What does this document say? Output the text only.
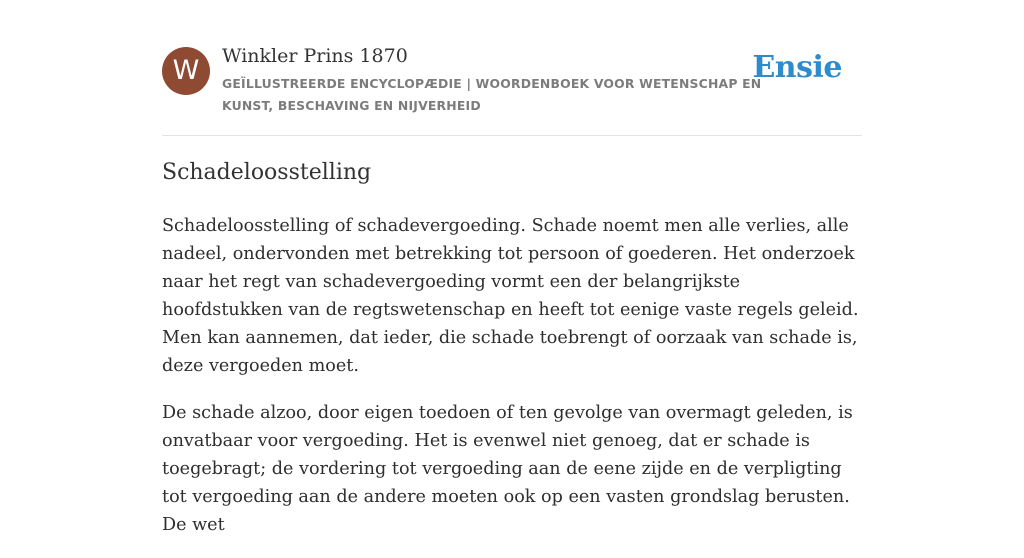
W	Winkler Prins 1870
GEÏLLUSTREERDE ENCYCLOPÆDIE | WOORDENBOEK VOOR WETENSCHAP EN KUNST, BESCHAVING EN NIJVERHEID
Ensie
Schadeloosstelling

Schadeloosstelling of schadevergoeding. Schade noemt men alle verlies, alle nadeel, ondervonden met betrekking tot persoon of goederen. Het onderzoek naar het regt van schadevergoeding vormt een der belangrijkste hoofdstukken van de regtswetenschap en heeft tot eenige vaste regels geleid. Men kan aannemen, dat ieder, die schade toebrengt of oorzaak van schade is, deze vergoeden moet.

De schade alzoo, door eigen toedoen of ten gevolge van overmagt geleden, is onvatbaar voor vergoeding. Het is evenwel niet genoeg, dat er schade is toegebragt; de vordering tot vergoeding aan de eene zijde en de verpligting tot vergoeding aan de andere moeten ook op een vasten grondslag berusten. De wet
